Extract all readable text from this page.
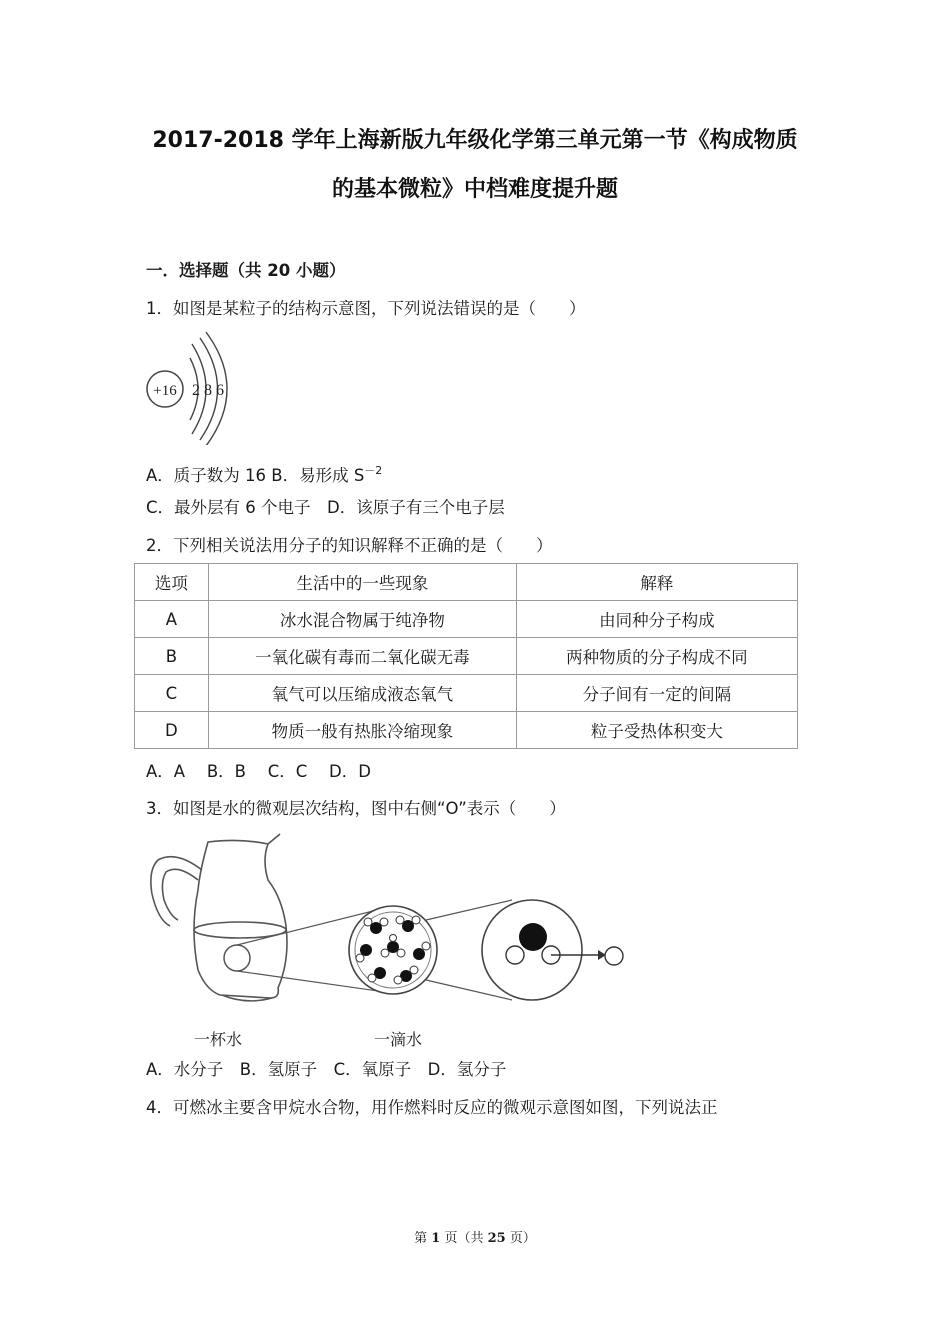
2017-2018 学年上海新版九年级化学第三单元第一节《构成物质
的基本微粒》中档难度提升题
一．选择题（共 20 小题）
1．如图是某粒子的结构示意图，下列说法错误的是（　　）
+16 2 8 6
A．质子数为 16 B．易形成 $S^{-2}$
C．最外层有 6 个电子　D．该原子有三个电子层
2．下列相关说法用分子的知识解释不正确的是（　　）
选项	生活中的一些现象	解释
A	冰水混合物属于纯净物	由同种分子构成
B	一氧化碳有毒而二氧化碳无毒	两种物质的分子构成不同
C	氧气可以压缩成液态氧气	分子间有一定的间隔
D	物质一般有热胀冷缩现象	粒子受热体积变大
A．A　 B．B　 C．C　 D．D
3．如图是水的微观层次结构，图中右侧“O”表示（　　）
一杯水	一滴水
A．水分子　B．氢原子　C．氧原子　D．氢分子
4．可燃冰主要含甲烷水合物，用作燃料时反应的微观示意图如图，下列说法正
第 1 页（共 25 页）
